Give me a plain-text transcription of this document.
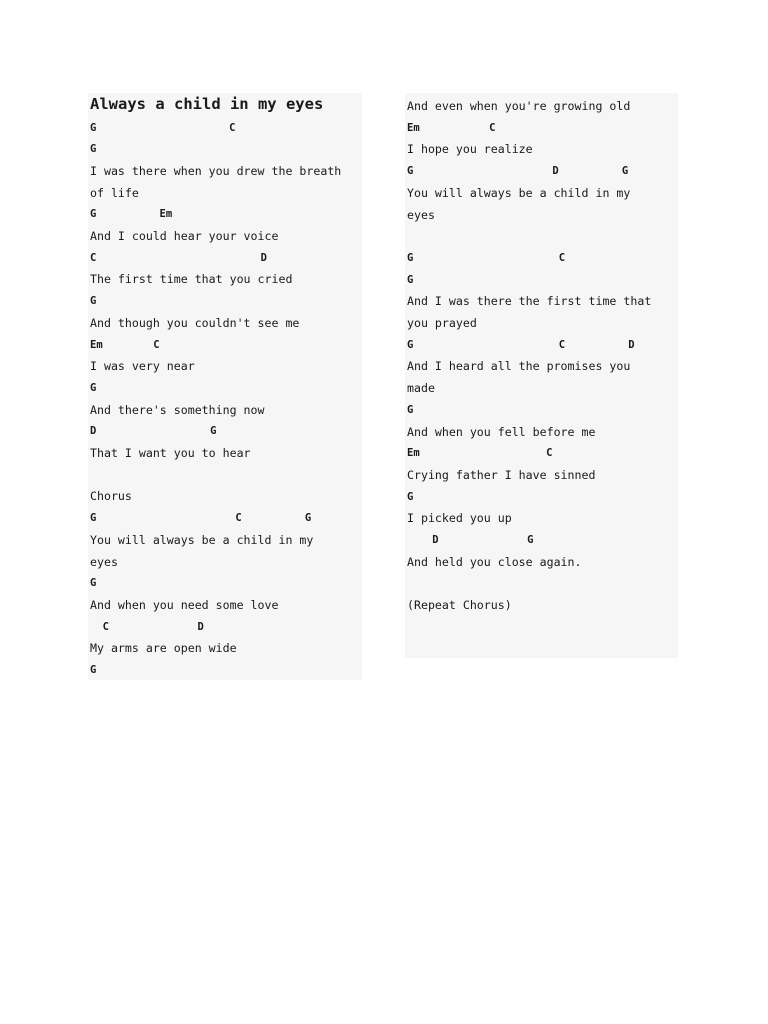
Always a child in my eyes
G                     C
G
I was there when you drew the breath
of life
G          Em
And I could hear your voice
C                          D
The first time that you cried
G
And though you couldn't see me
Em        C
I was very near
G
And there's something now
D                  G
That I want you to hear
Chorus
G                      C          G
You will always be a child in my
eyes
G
And when you need some love
C              D
My arms are open wide
G
And even when you're growing old
Em           C
I hope you realize
G                      D          G
You will always be a child in my
eyes
G                       C
G
And I was there the first time that
you prayed
G                       C          D
And I heard all the promises you
made
G
And when you fell before me
Em                    C
Crying father I have sinned
G
I picked you up
D              G
And held you close again.
(Repeat Chorus)
